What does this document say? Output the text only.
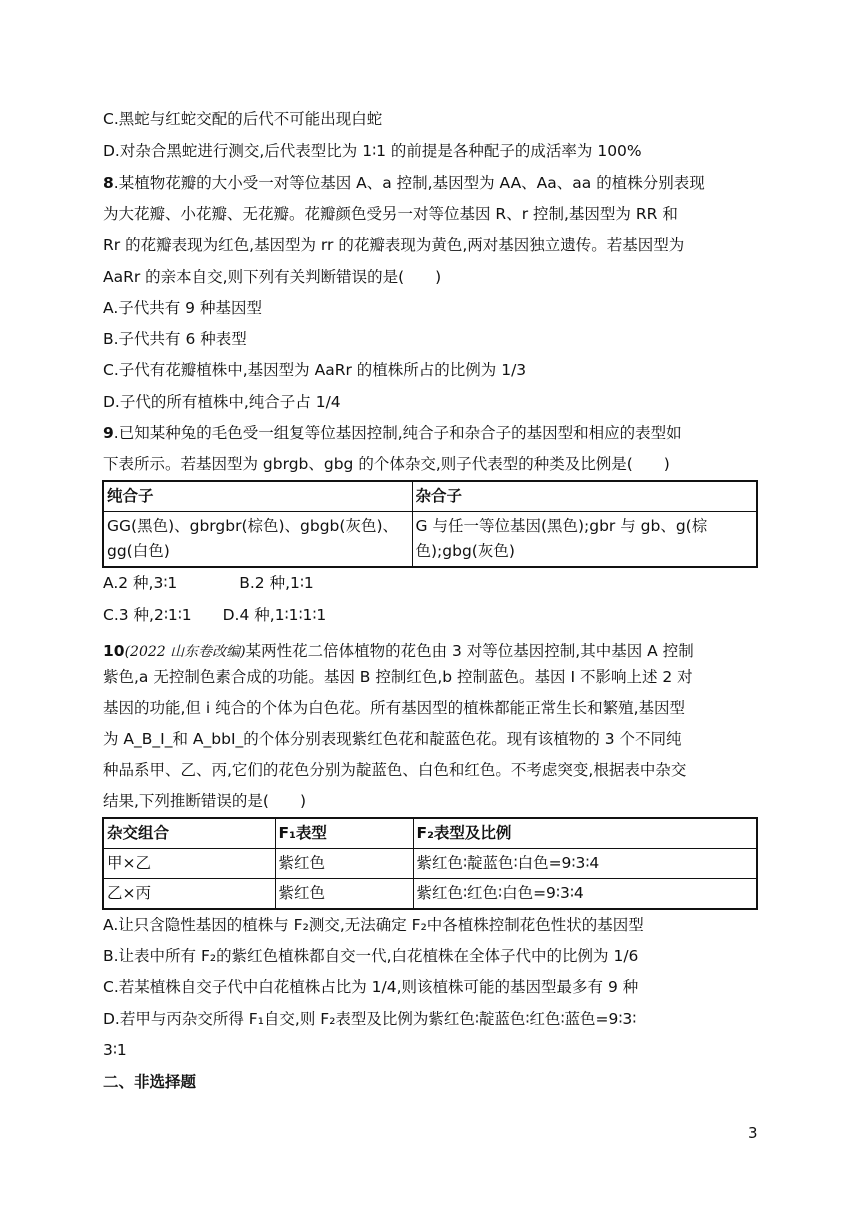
C.黑蛇与红蛇交配的后代不可能出现白蛇
D.对杂合黑蛇进行测交,后代表型比为 1∶1 的前提是各种配子的成活率为 100%
8.某植物花瓣的大小受一对等位基因 A、a 控制,基因型为 AA、Aa、aa 的植株分别表现
为大花瓣、小花瓣、无花瓣。花瓣颜色受另一对等位基因 R、r 控制,基因型为 RR 和
Rr 的花瓣表现为红色,基因型为 rr 的花瓣表现为黄色,两对基因独立遗传。若基因型为
AaRr 的亲本自交,则下列有关判断错误的是(　　)
A.子代共有 9 种基因型
B.子代共有 6 种表型
C.子代有花瓣植株中,基因型为 AaRr 的植株所占的比例为 1/3
D.子代的所有植株中,纯合子占 1/4
9.已知某种兔的毛色受一组复等位基因控制,纯合子和杂合子的基因型和相应的表型如
下表所示。若基因型为 gbrgb、gbg 的个体杂交,则子代表型的种类及比例是(　　)
纯合子	杂合子
GG(黑色)、gbrgbr(棕色)、gbgb(灰色)、gg(白色)	G 与任一等位基因(黑色);gbr 与 gb、g(棕色);gbg(灰色)
A.2 种,3∶1　　　　B.2 种,1∶1
C.3 种,2∶1∶1　　D.4 种,1∶1∶1∶1
10(2022 山东卷改编)某两性花二倍体植物的花色由 3 对等位基因控制,其中基因 A 控制
紫色,a 无控制色素合成的功能。基因 B 控制红色,b 控制蓝色。基因 I 不影响上述 2 对
基因的功能,但 i 纯合的个体为白色花。所有基因型的植株都能正常生长和繁殖,基因型
为 A_B_I_和 A_bbI_的个体分别表现紫红色花和靛蓝色花。现有该植物的 3 个不同纯
种品系甲、乙、丙,它们的花色分别为靛蓝色、白色和红色。不考虑突变,根据表中杂交
结果,下列推断错误的是(　　)
杂交组合	F₁表型	F₂表型及比例
甲×乙	紫红色	紫红色∶靛蓝色∶白色=9∶3∶4
乙×丙	紫红色	紫红色∶红色∶白色=9∶3∶4
A.让只含隐性基因的植株与 F₂测交,无法确定 F₂中各植株控制花色性状的基因型
B.让表中所有 F₂的紫红色植株都自交一代,白花植株在全体子代中的比例为 1/6
C.若某植株自交子代中白花植株占比为 1/4,则该植株可能的基因型最多有 9 种
D.若甲与丙杂交所得 F₁自交,则 F₂表型及比例为紫红色∶靛蓝色∶红色∶蓝色=9∶3∶
3∶1
二、非选择题
3
